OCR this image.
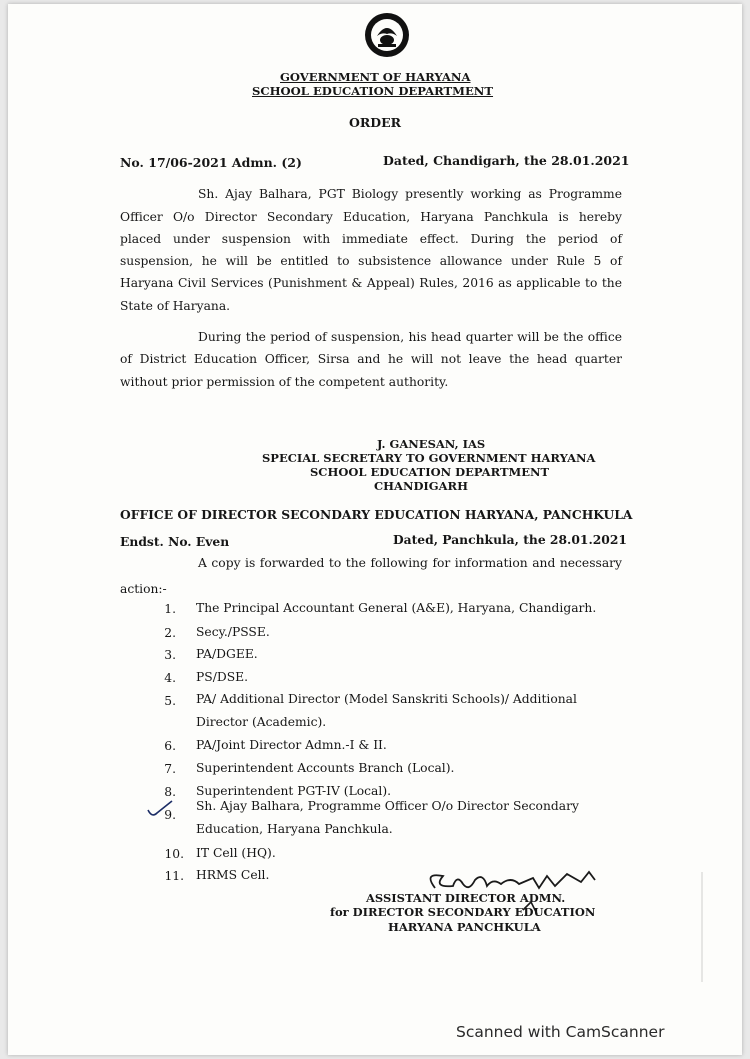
GOVERNMENT OF HARYANA
SCHOOL EDUCATION DEPARTMENT
ORDER
No. 17/06-2021 Admn. (2)	Dated, Chandigarh, the 28.01.2021
Sh. Ajay Balhara, PGT Biology presently working as Programme
Officer O/o Director Secondary Education, Haryana Panchkula is hereby
placed under suspension with immediate effect. During the period of
suspension, he will be entitled to subsistence allowance under Rule 5 of
Haryana Civil Services (Punishment & Appeal) Rules, 2016 as applicable to the
State of Haryana.
During the period of suspension, his head quarter will be the office
of District Education Officer, Sirsa and he will not leave the head quarter
without prior permission of the competent authority.
J. GANESAN, IAS
SPECIAL SECRETARY TO GOVERNMENT HARYANA
SCHOOL EDUCATION DEPARTMENT
CHANDIGARH
OFFICE OF DIRECTOR SECONDARY EDUCATION HARYANA, PANCHKULA
Endst. No. Even	Dated, Panchkula, the 28.01.2021
A copy is forwarded to the following for information and necessary
action:-
1. The Principal Accountant General (A&E), Haryana, Chandigarh.
2. Secy./PSSE.
3. PA/DGEE.
4. PS/DSE.
5. PA/ Additional Director (Model Sanskriti Schools)/ Additional
Director (Academic).
6. PA/Joint Director Admn.-I & II.
7. Superintendent Accounts Branch (Local).
8. Superintendent PGT-IV (Local).
9.
Sh. Ajay Balhara, Programme Officer O/o Director Secondary
Education, Haryana Panchkula.
10. IT Cell (HQ).
11. HRMS Cell.
ASSISTANT DIRECTOR ADMN.
for DIRECTOR SECONDARY EDUCATION
HARYANA PANCHKULA
Scanned with CamScanner
